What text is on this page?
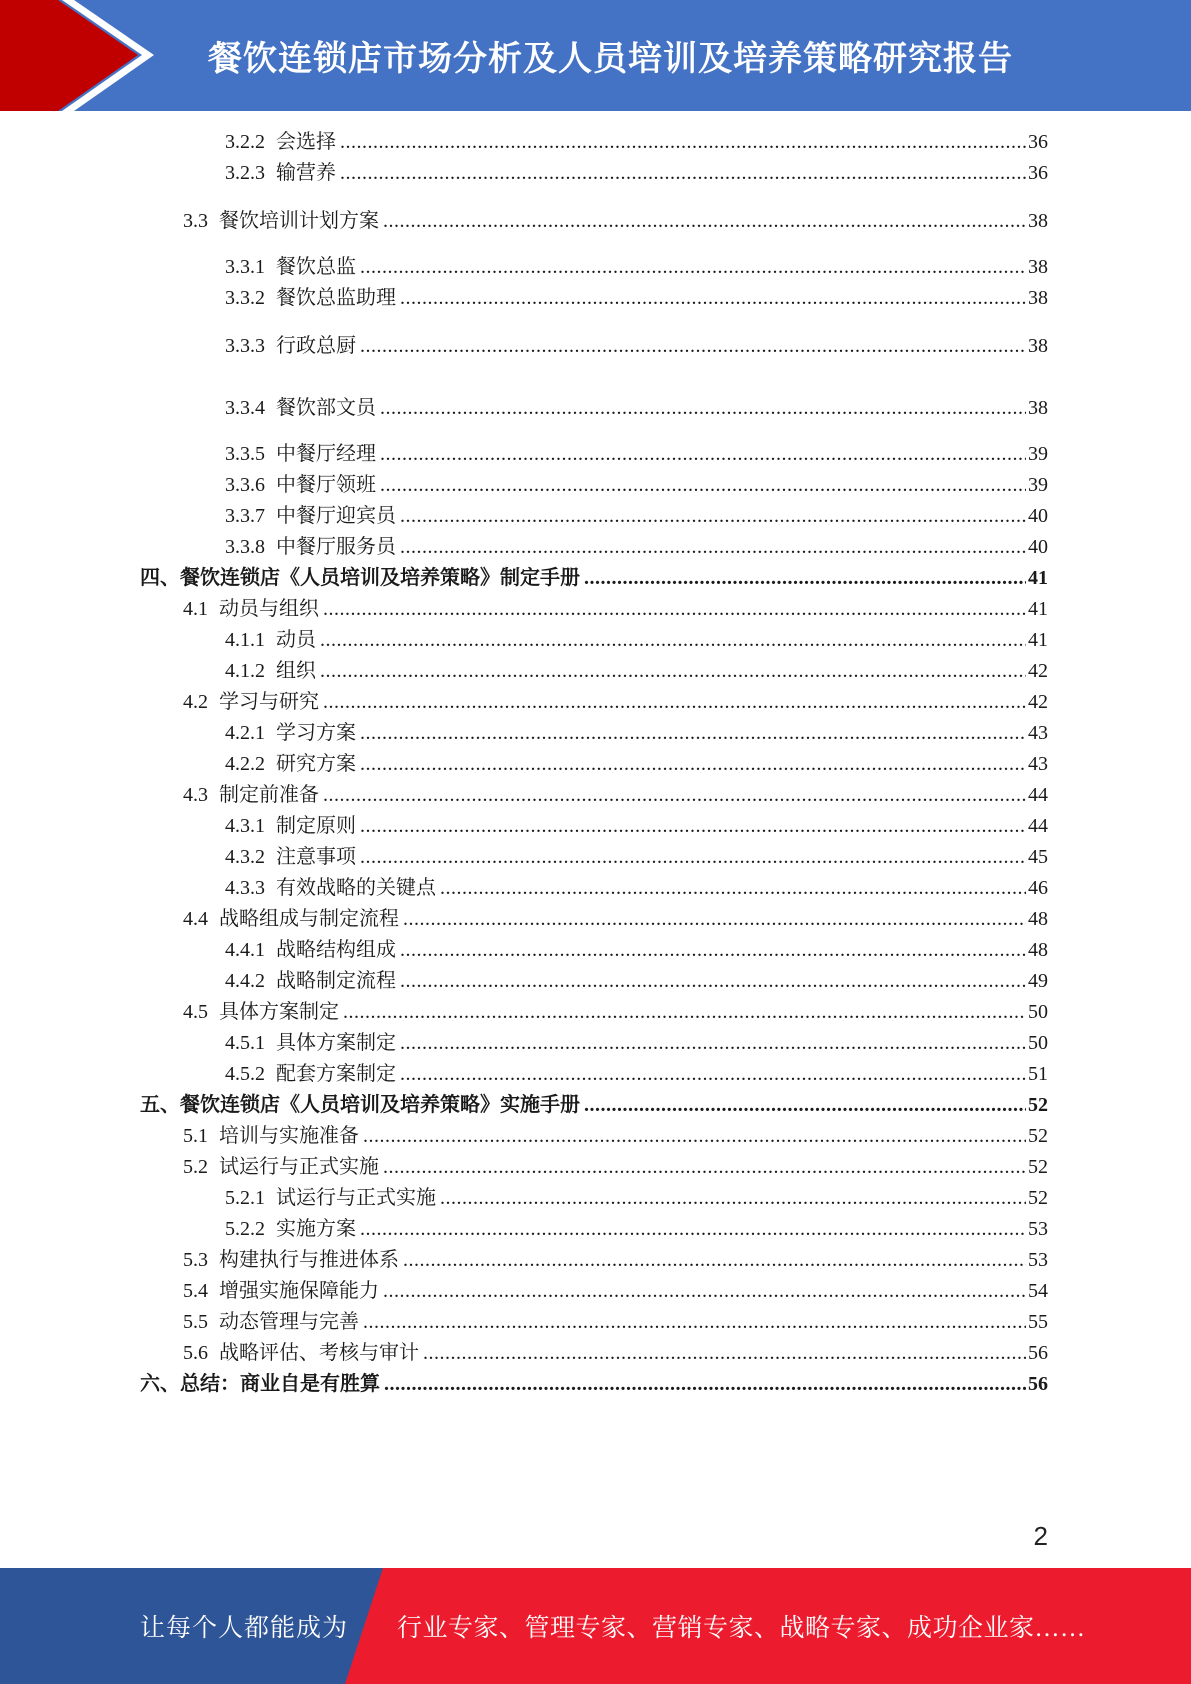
餐饮连锁店市场分析及人员培训及培养策略研究报告
3.2.2 会选择 .....	36
3.2.3 输营养 .....	36
3.3 餐饮培训计划方案 .....	38
3.3.1 餐饮总监 .....	38
3.3.2 餐饮总监助理 .....	38
3.3.3 行政总厨 .....	38
3.3.4 餐饮部文员 .....	38
3.3.5 中餐厅经理 .....	39
3.3.6 中餐厅领班 .....	39
3.3.7 中餐厅迎宾员 .....	40
3.3.8 中餐厅服务员 .....	40
四、 餐饮连锁店《人员培训及培养策略》制定手册 .....	41
4.1 动员与组织 .....	41
4.1.1 动员 .....	41
4.1.2 组织 .....	42
4.2 学习与研究 .....	42
4.2.1 学习方案 .....	43
4.2.2 研究方案 .....	43
4.3 制定前准备 .....	44
4.3.1 制定原则 .....	44
4.3.2 注意事项 .....	45
4.3.3 有效战略的关键点 .....	46
4.4 战略组成与制定流程 .....	48
4.4.1 战略结构组成 .....	48
4.4.2 战略制定流程 .....	49
4.5 具体方案制定 .....	50
4.5.1 具体方案制定 .....	50
4.5.2 配套方案制定 .....	51
五、 餐饮连锁店《人员培训及培养策略》实施手册 .....	52
5.1 培训与实施准备 .....	52
5.2 试运行与正式实施 .....	52
5.2.1 试运行与正式实施 .....	52
5.2.2 实施方案 .....	53
5.3 构建执行与推进体系 .....	53
5.4 增强实施保障能力 .....	54
5.5 动态管理与完善 .....	55
5.6 战略评估、考核与审计 .....	56
六、 总结：商业自是有胜算 .....	56
2
让每个人都能成为 行业专家、管理专家、营销专家、战略专家、成功企业家……
